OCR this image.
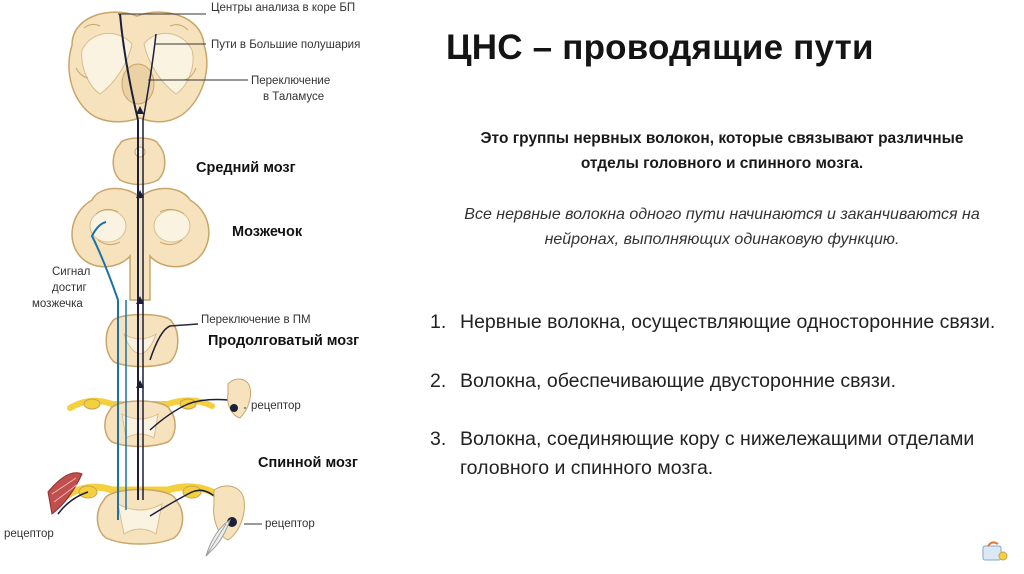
Центры анализа в коре БП
Пути в Большие полушария
Переключение
в Таламусе
Средний мозг
Мозжечок
Сигнал
достиг
мозжечка
Переключение в ПМ
Продолговатый мозг
рецептор
Спинной мозг
рецептор
рецептор
ЦНС – проводящие пути

Это группы нервных волокон, которые связывают различные отделы головного и спинного мозга.

Все нервные волокна одного пути начинаются и заканчиваются на нейронах, выполняющих одинаковую функцию.

1. Нервные волокна, осуществляющие односторонние связи.
2. Волокна, обеспечивающие двусторонние связи.
3. Волокна, соединяющие кору с нижележащими отделами головного и спинного мозга.
